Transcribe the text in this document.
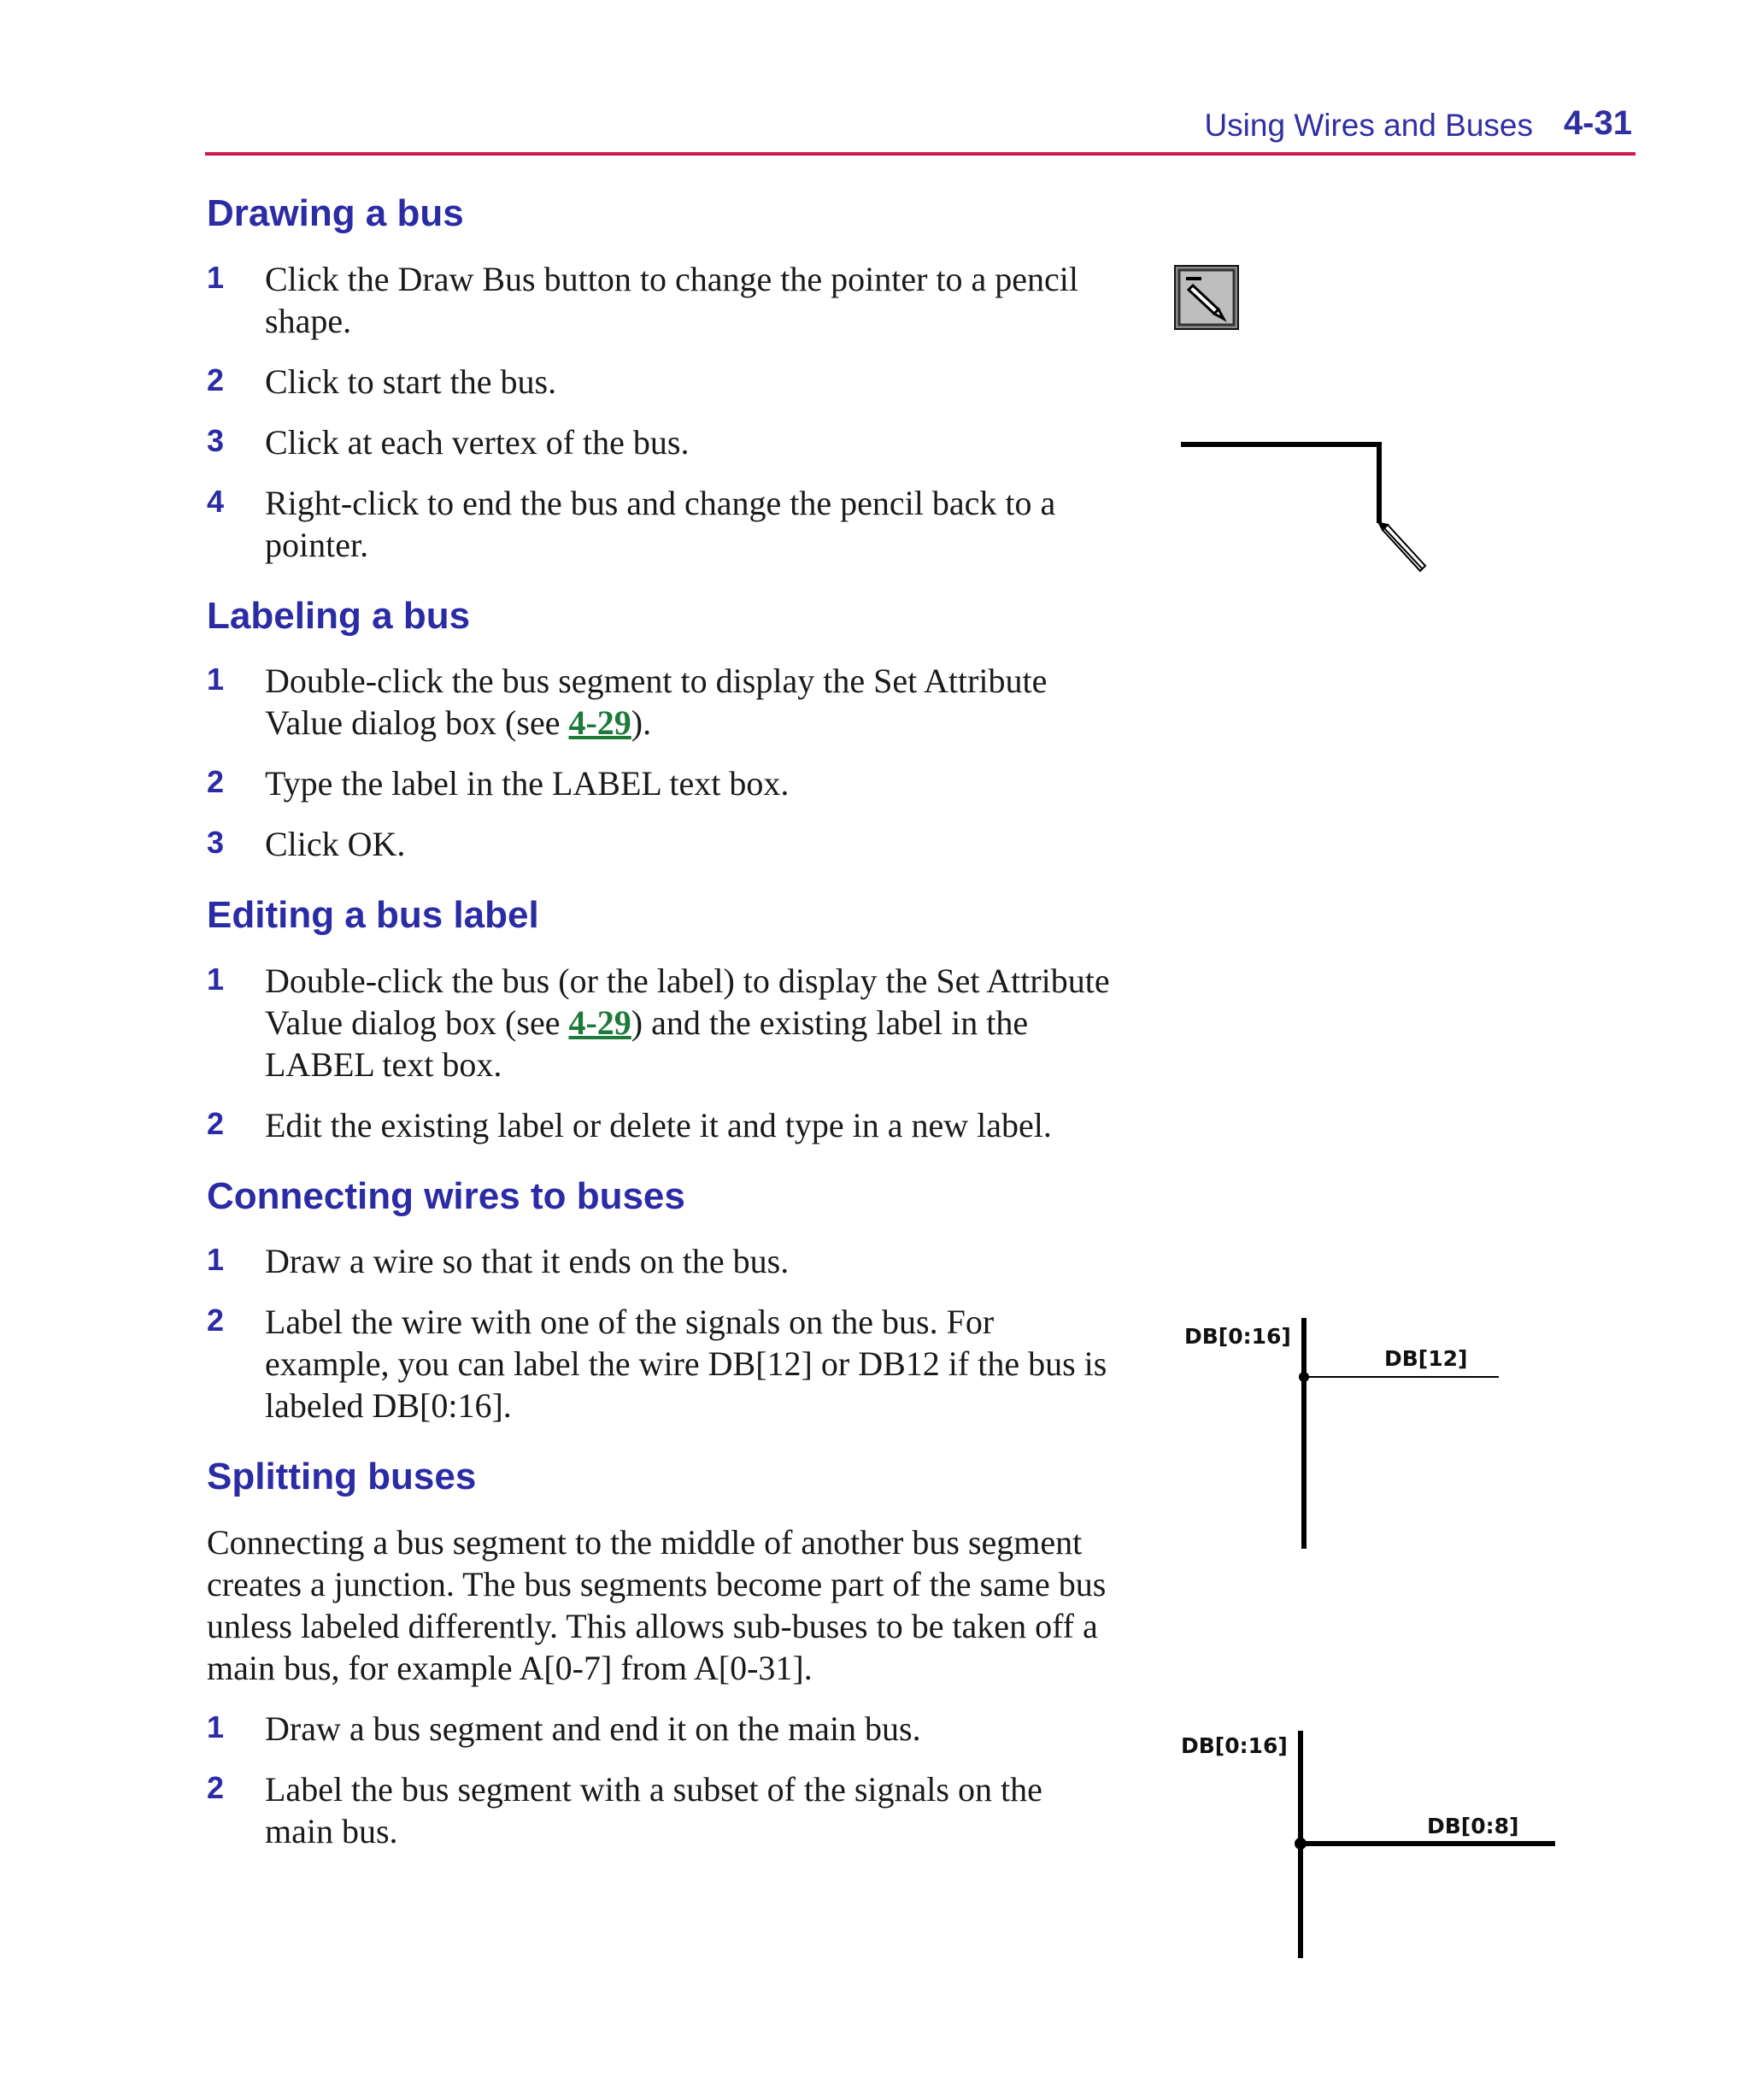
Using Wires and Buses 4-31
Drawing a bus
1 Click the Draw Bus button to change the pointer to a pencil shape.
2 Click to start the bus.
3 Click at each vertex of the bus.
4 Right-click to end the bus and change the pencil back to a pointer.
Labeling a bus
1 Double-click the bus segment to display the Set Attribute Value dialog box (see 4-29).
2 Type the label in the LABEL text box.
3 Click OK.
Editing a bus label
1 Double-click the bus (or the label) to display the Set Attribute Value dialog box (see 4-29) and the existing label in the LABEL text box.
2 Edit the existing label or delete it and type in a new label.
Connecting wires to buses
1 Draw a wire so that it ends on the bus.
2 Label the wire with one of the signals on the bus. For example, you can label the wire DB[12] or DB12 if the bus is labeled DB[0:16].
Splitting buses
Connecting a bus segment to the middle of another bus segment creates a junction. The bus segments become part of the same bus unless labeled differently. This allows sub-buses to be taken off a main bus, for example A[0-7] from A[0-31].
1 Draw a bus segment and end it on the main bus.
2 Label the bus segment with a subset of the signals on the main bus.
DB[0:16]
DB[12]
DB[0:16]
DB[0:8]
